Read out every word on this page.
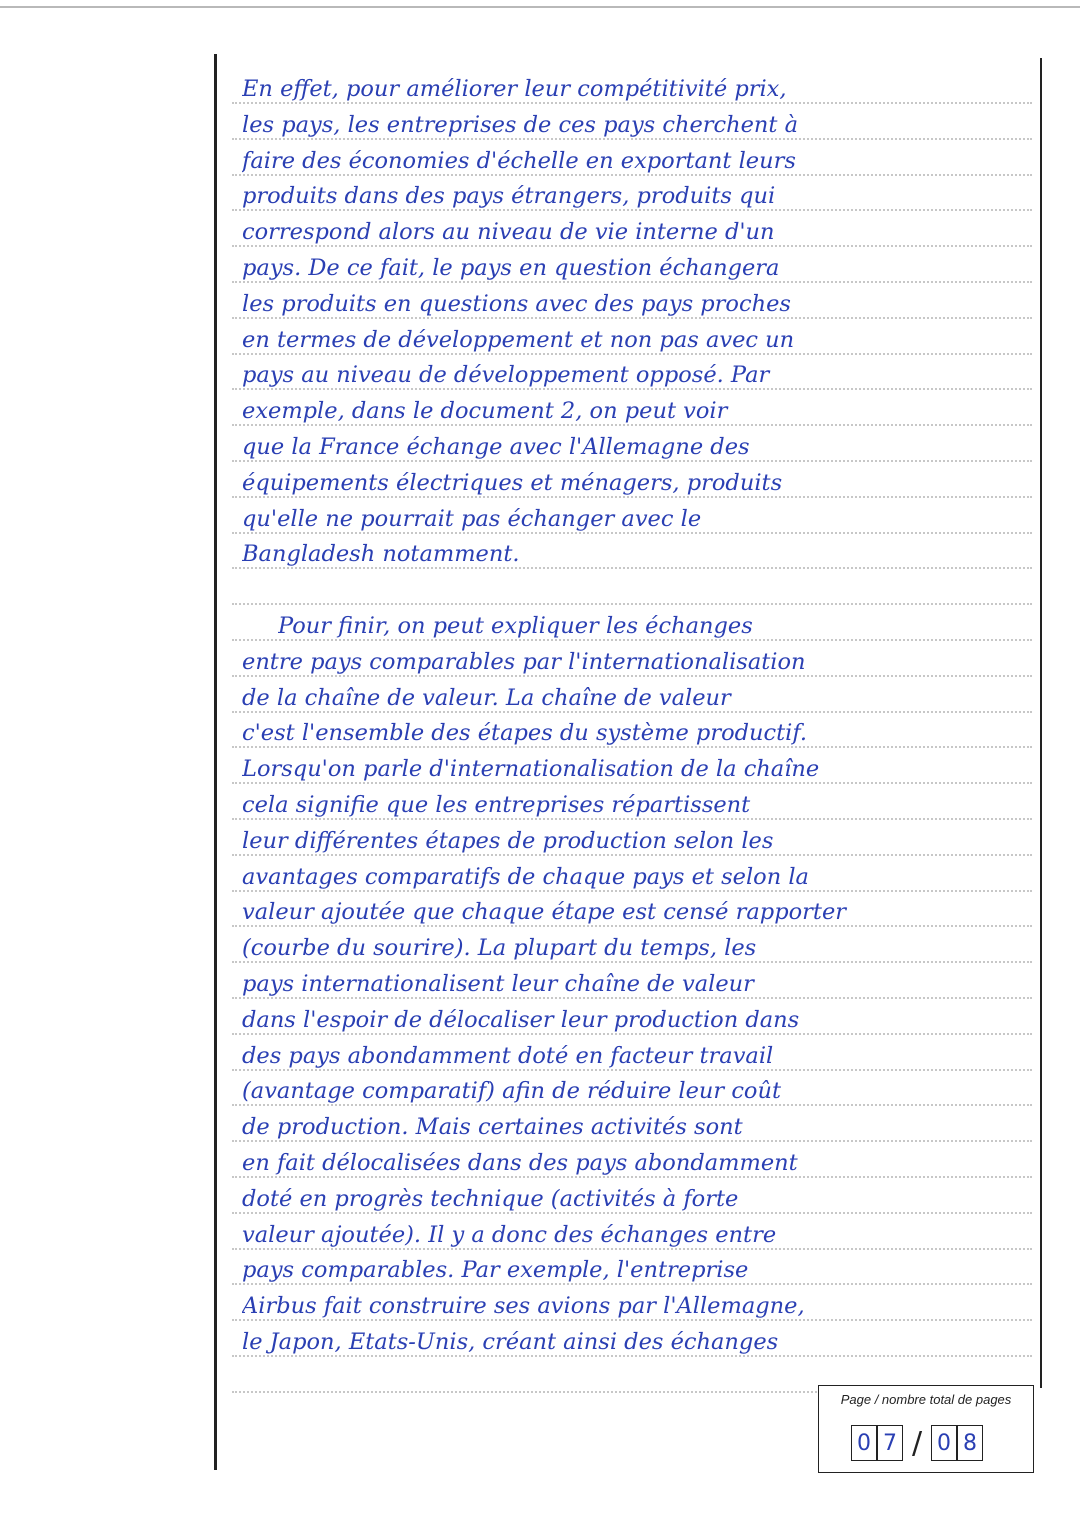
En effet, pour améliorer leur compétitivité prix,
les pays, les entreprises de ces pays cherchent à
faire des économies d'échelle en exportant leurs
produits dans des pays étrangers, produits qui
correspond alors au niveau de vie interne d'un
pays. De ce fait, le pays en question échangera
les produits en questions avec des pays proches
en termes de développement et non pas avec un
pays au niveau de développement opposé. Par
exemple, dans le document 2, on peut voir
que la France échange avec l'Allemagne des
équipements électriques et ménagers, produits
qu'elle ne pourrait pas échanger avec le
Bangladesh notamment.
Pour finir, on peut expliquer les échanges
entre pays comparables par l'internationalisation
de la chaîne de valeur. La chaîne de valeur
c'est l'ensemble des étapes du système productif.
Lorsqu'on parle d'internationalisation de la chaîne
cela signifie que les entreprises répartissent
leur différentes étapes de production selon les
avantages comparatifs de chaque pays et selon la
valeur ajoutée que chaque étape est censé rapporter
(courbe du sourire). La plupart du temps, les
pays internationalisent leur chaîne de valeur
dans l'espoir de délocaliser leur production dans
des pays abondamment doté en facteur travail
(avantage comparatif) afin de réduire leur coût
de production. Mais certaines activités sont
en fait délocalisées dans des pays abondamment
doté en progrès technique (activités à forte
valeur ajoutée). Il y a donc des échanges entre
pays comparables. Par exemple, l'entreprise
Airbus fait construire ses avions par l'Allemagne,
le Japon, Etats-Unis, créant ainsi des échanges
Page / nombre total de pages
0 7 / 0 8
